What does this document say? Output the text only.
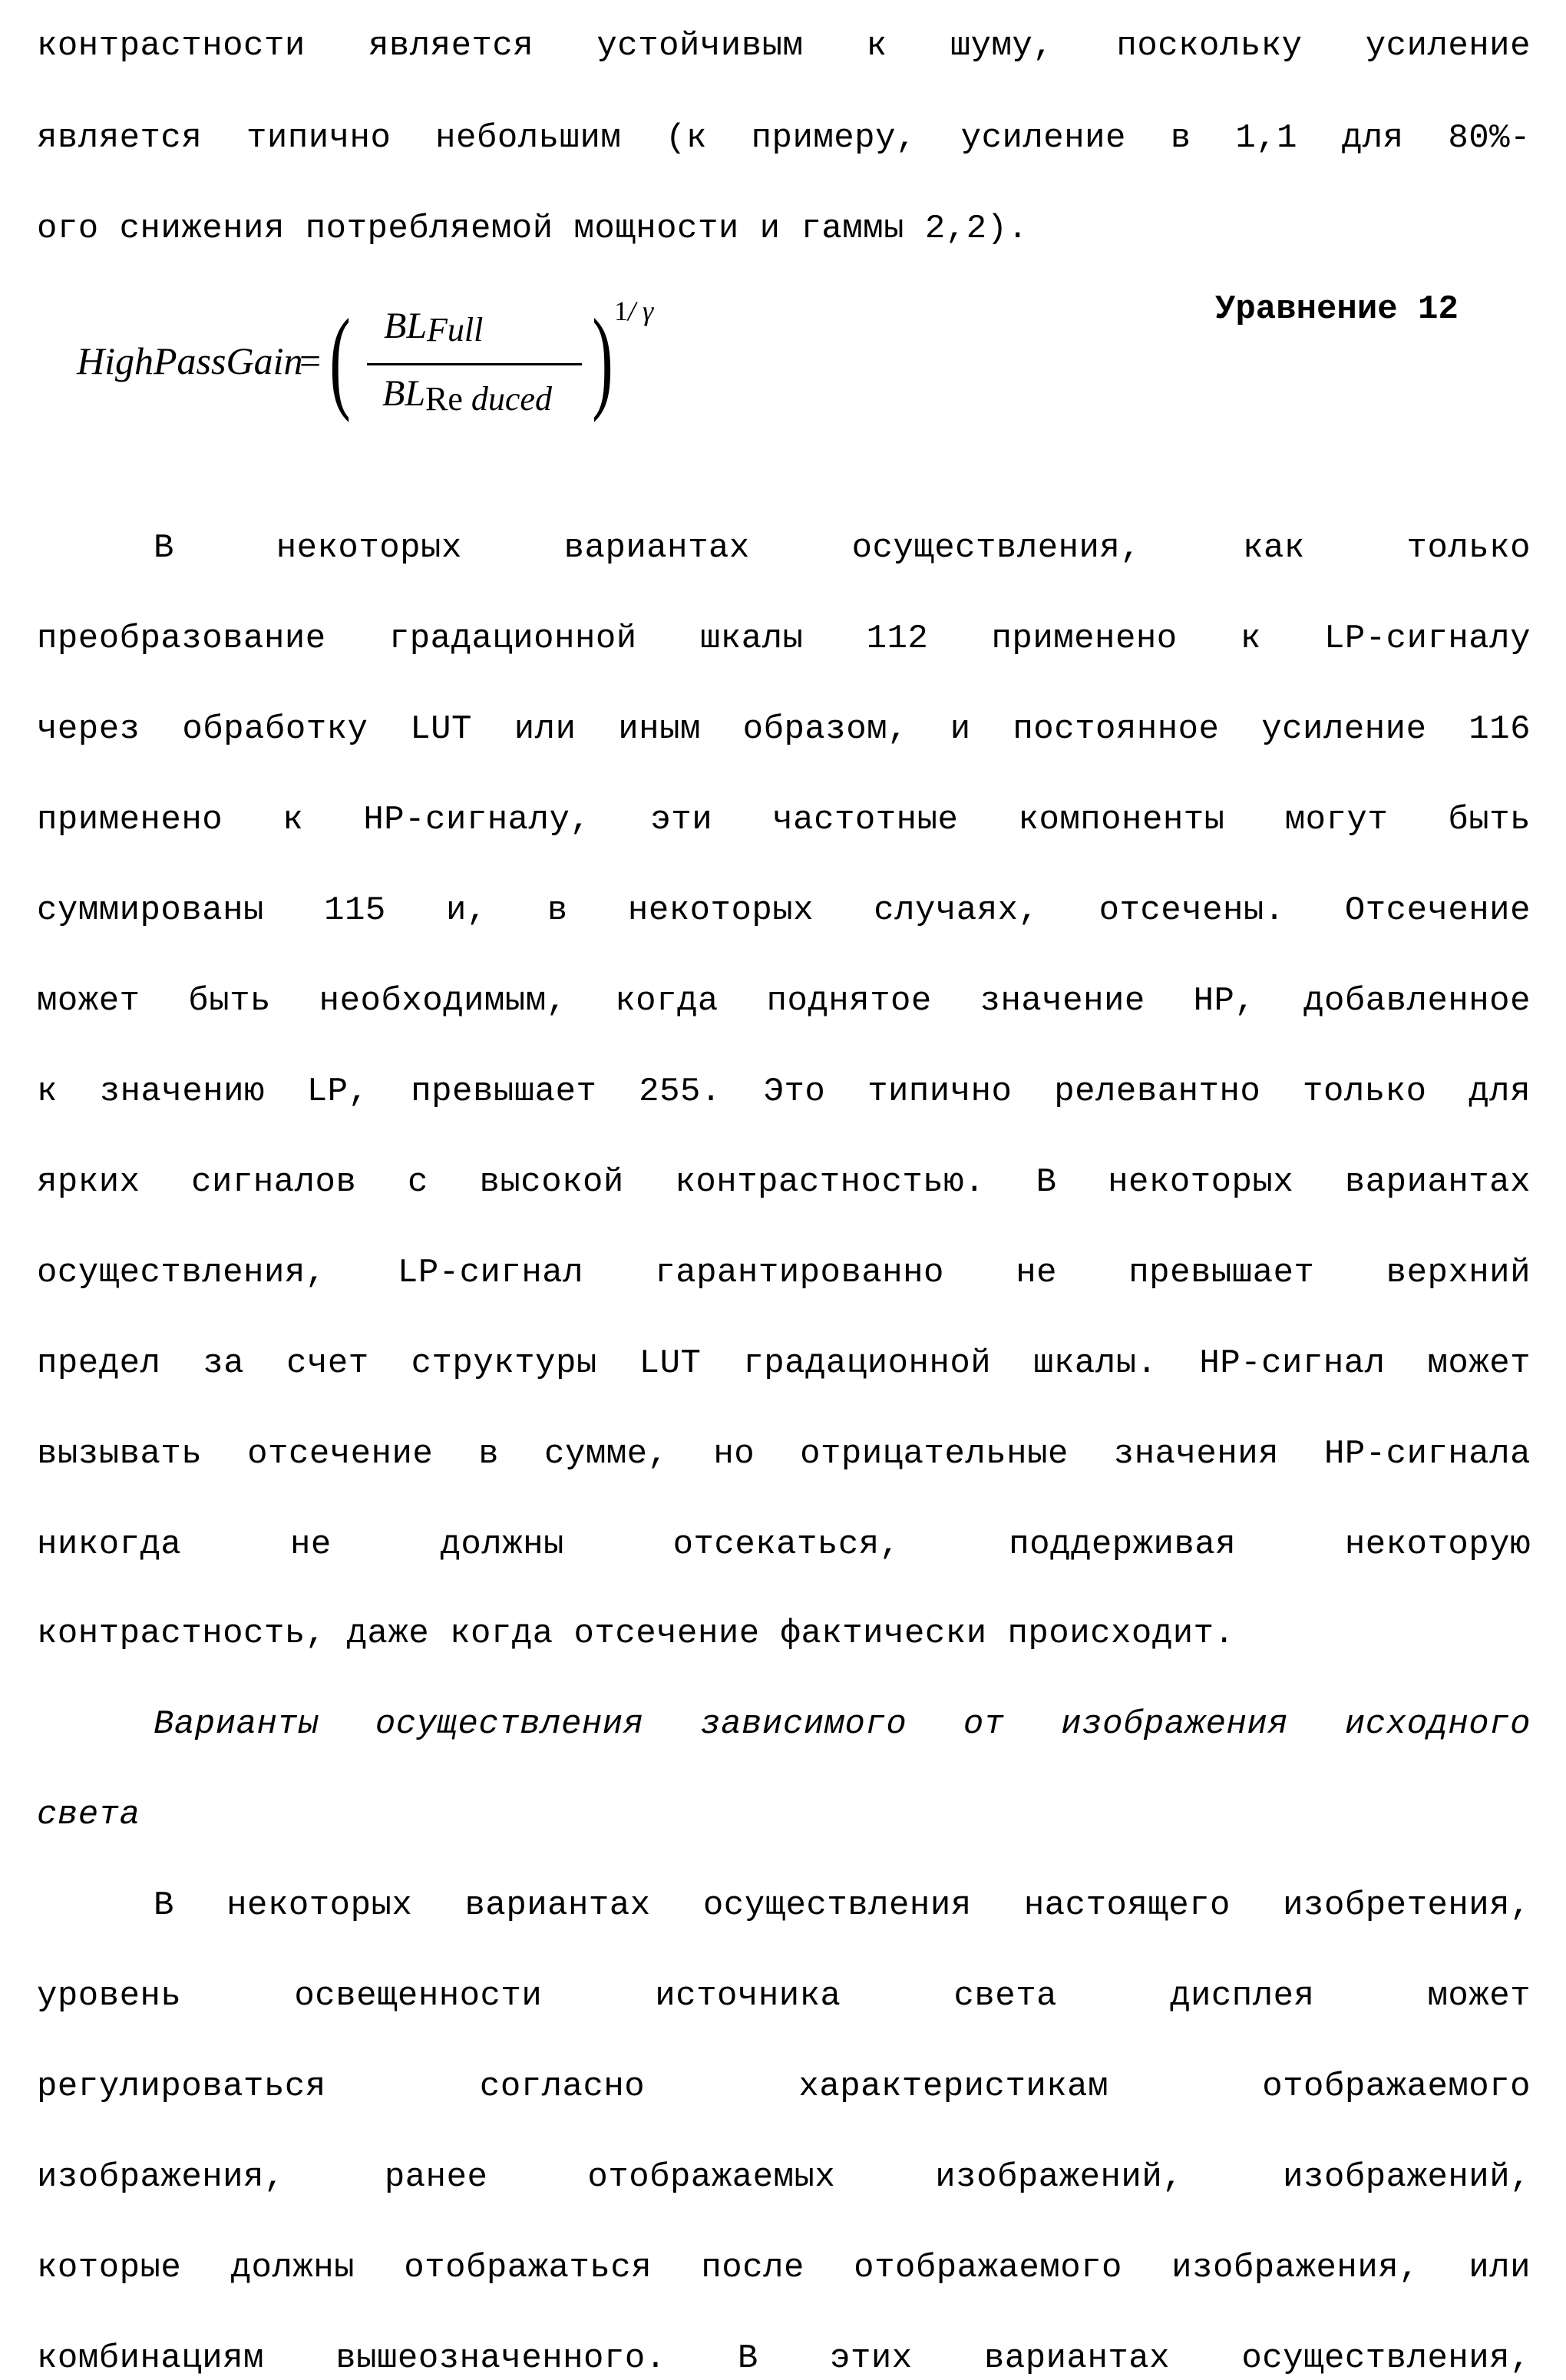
контрастности является устойчивым к шуму, поскольку усиление
является типично небольшим (к примеру, усиление в 1,1 для 80%-
ого снижения потребляемой мощности и гаммы 2,2).
HighPassGain
= ( BLFull
BLRe duced ) 1/ γ	Уравнение 12
В некоторых вариантах осуществления, как только
преобразование градационной шкалы 112 применено к LP-сигналу
через обработку LUT или иным образом, и постоянное усиление 116
применено к HP-сигналу, эти частотные компоненты могут быть
суммированы 115 и, в некоторых случаях, отсечены. Отсечение
может быть необходимым, когда поднятое значение HP, добавленное
к значению LP, превышает 255. Это типично релевантно только для
ярких сигналов с высокой контрастностью. В некоторых вариантах
осуществления, LP-сигнал гарантированно не превышает верхний
предел за счет структуры LUT градационной шкалы. HP-сигнал может
вызывать отсечение в сумме, но отрицательные значения HP-сигнала
никогда не должны отсекаться, поддерживая некоторую
контрастность, даже когда отсечение фактически происходит.
Варианты осуществления зависимого от изображения исходного
света
В некоторых вариантах осуществления настоящего изобретения,
уровень освещенности источника света дисплея может
регулироваться согласно характеристикам отображаемого
изображения, ранее отображаемых изображений, изображений,
которые должны отображаться после отображаемого изображения, или
комбинациям вышеозначенного. В этих вариантах осуществления,
